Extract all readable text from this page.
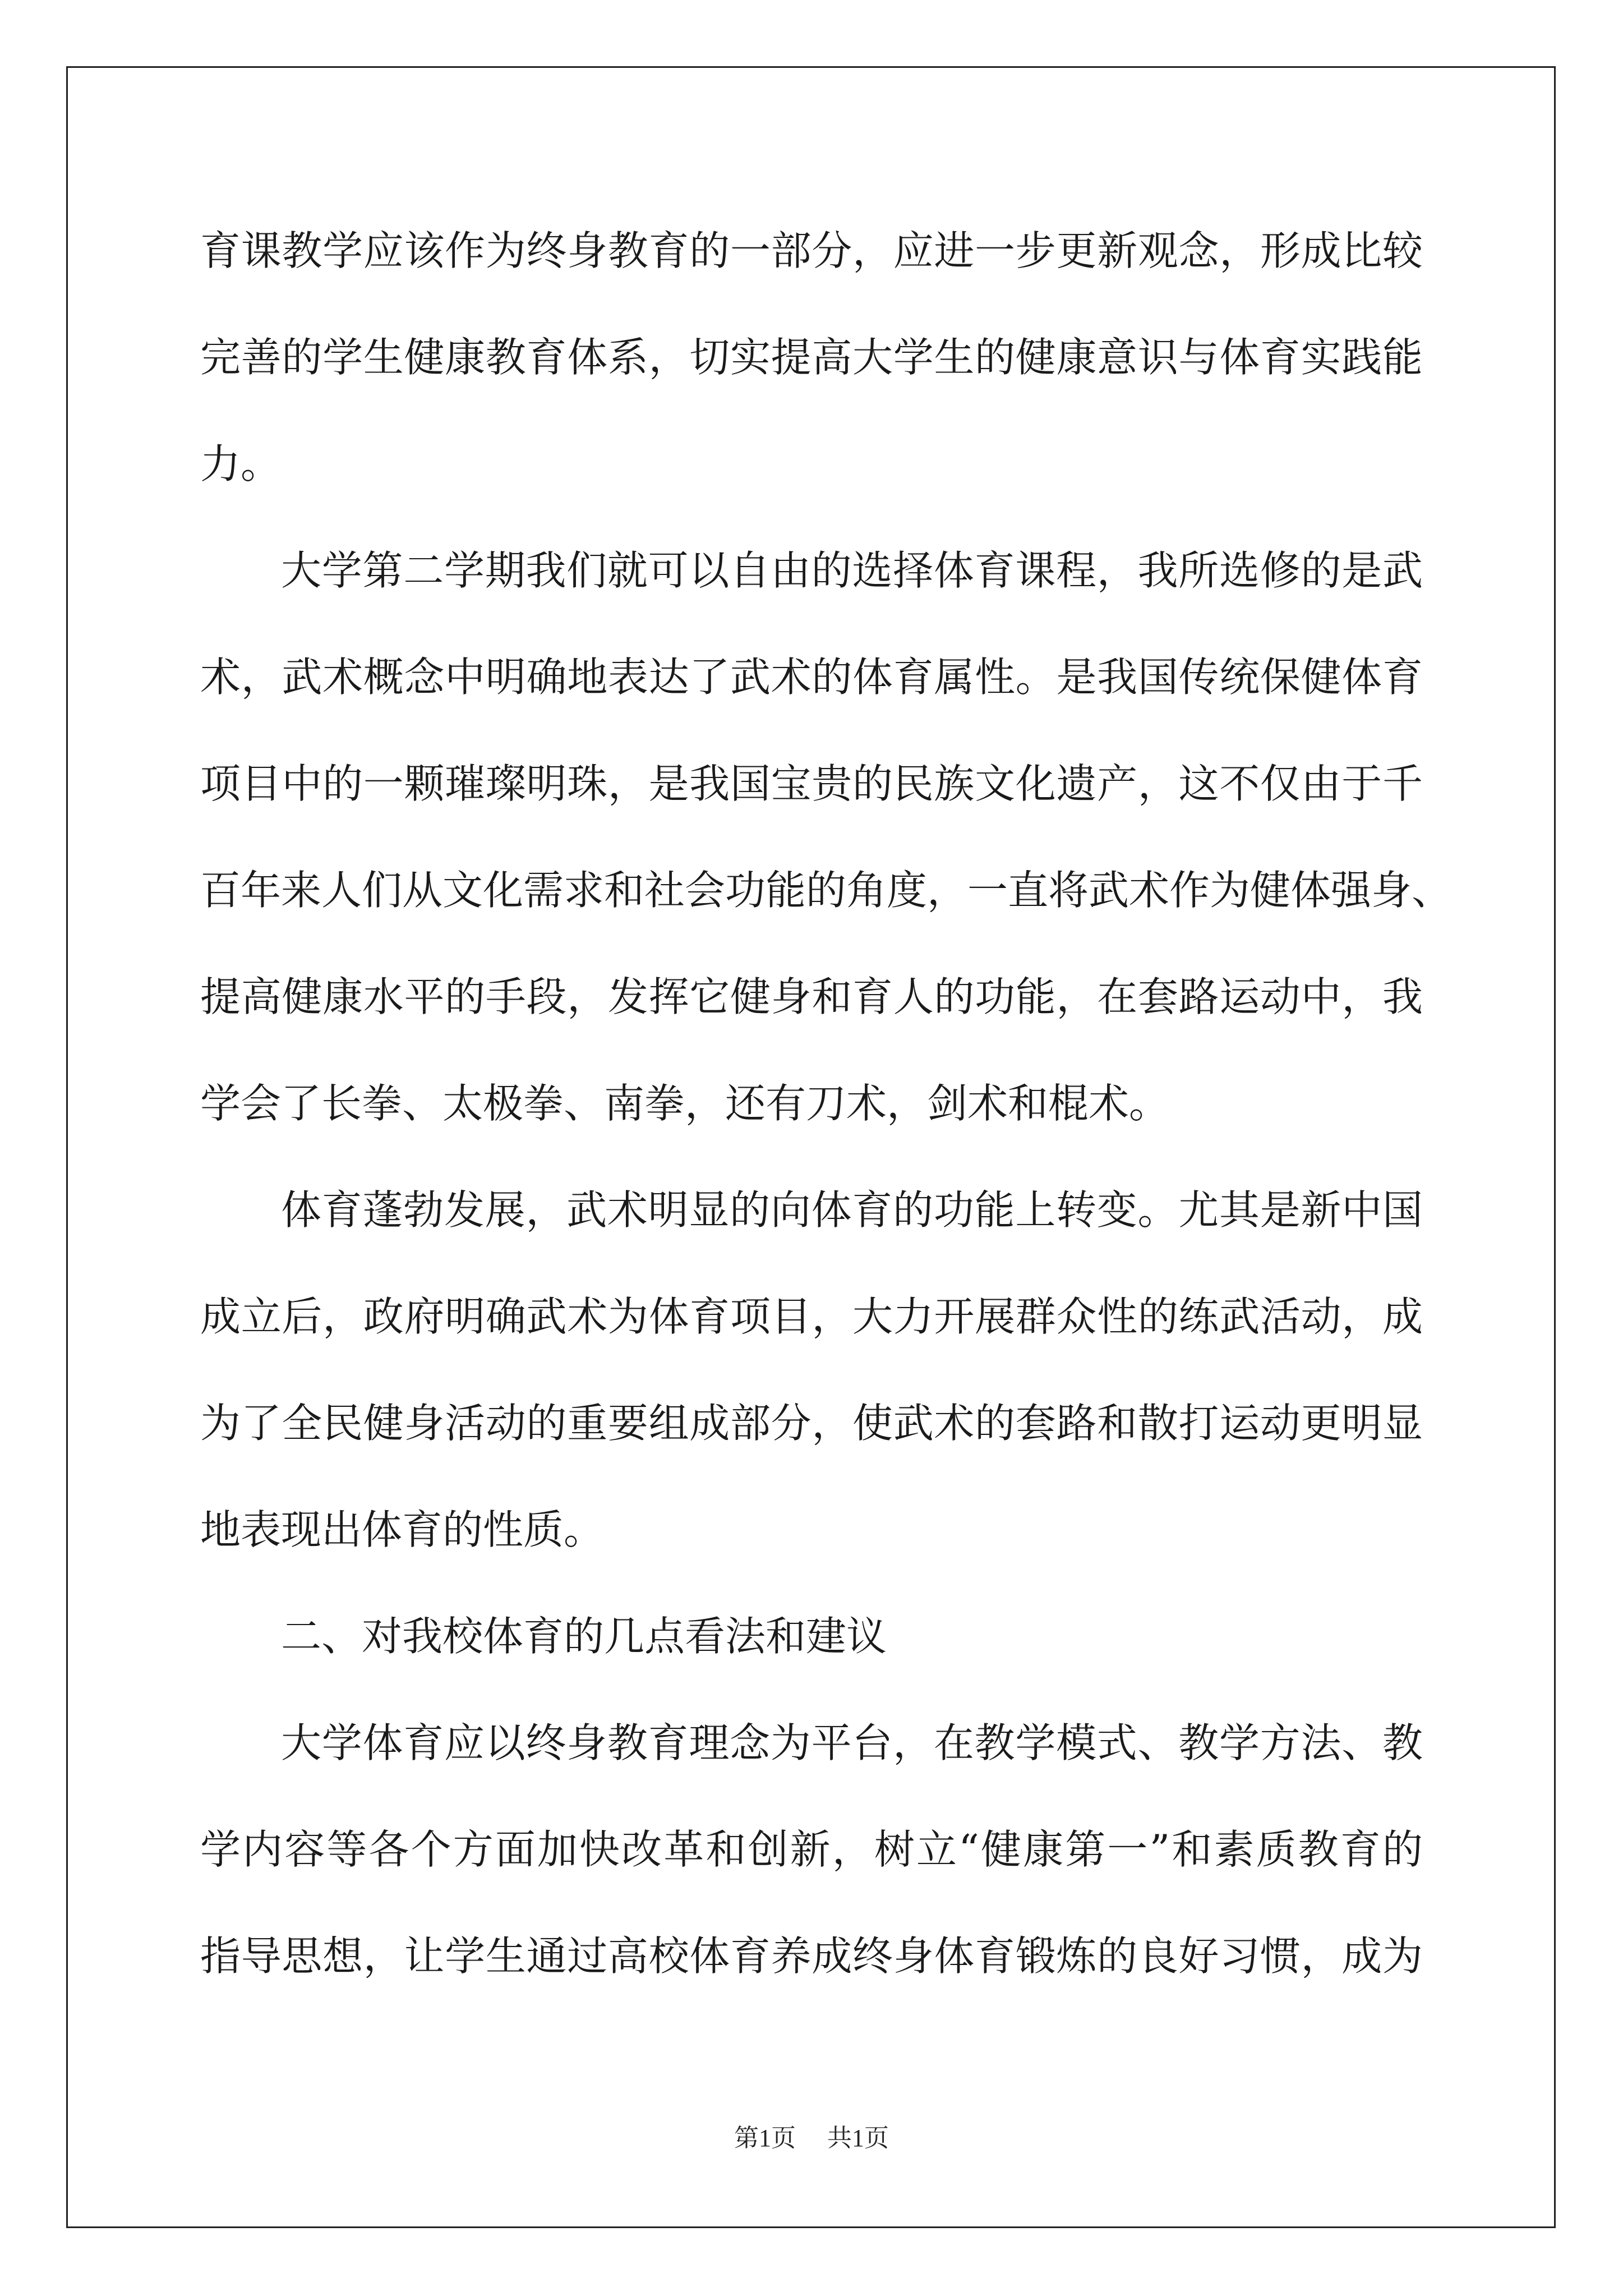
育课教学应该作为终身教育的一部分，应进一步更新观念，形成比较
完善的学生健康教育体系，切实提高大学生的健康意识与体育实践能
力。
大学第二学期我们就可以自由的选择体育课程，我所选修的是武
术，武术概念中明确地表达了武术的体育属性。是我国传统保健体育
项目中的一颗璀璨明珠，是我国宝贵的民族文化遗产，这不仅由于千
百年来人们从文化需求和社会功能的角度，一直将武术作为健体强身、
提高健康水平的手段，发挥它健身和育人的功能，在套路运动中，我
学会了长拳、太极拳、南拳，还有刀术，剑术和棍术。
体育蓬勃发展，武术明显的向体育的功能上转变。尤其是新中国
成立后，政府明确武术为体育项目，大力开展群众性的练武活动，成
为了全民健身活动的重要组成部分，使武术的套路和散打运动更明显
地表现出体育的性质。
二、对我校体育的几点看法和建议
大学体育应以终身教育理念为平台，在教学模式、教学方法、教
学内容等各个方面加快改革和创新，树立“健康第一”和素质教育的
指导思想，让学生通过高校体育养成终身体育锻炼的良好习惯，成为
第1页 共1页
